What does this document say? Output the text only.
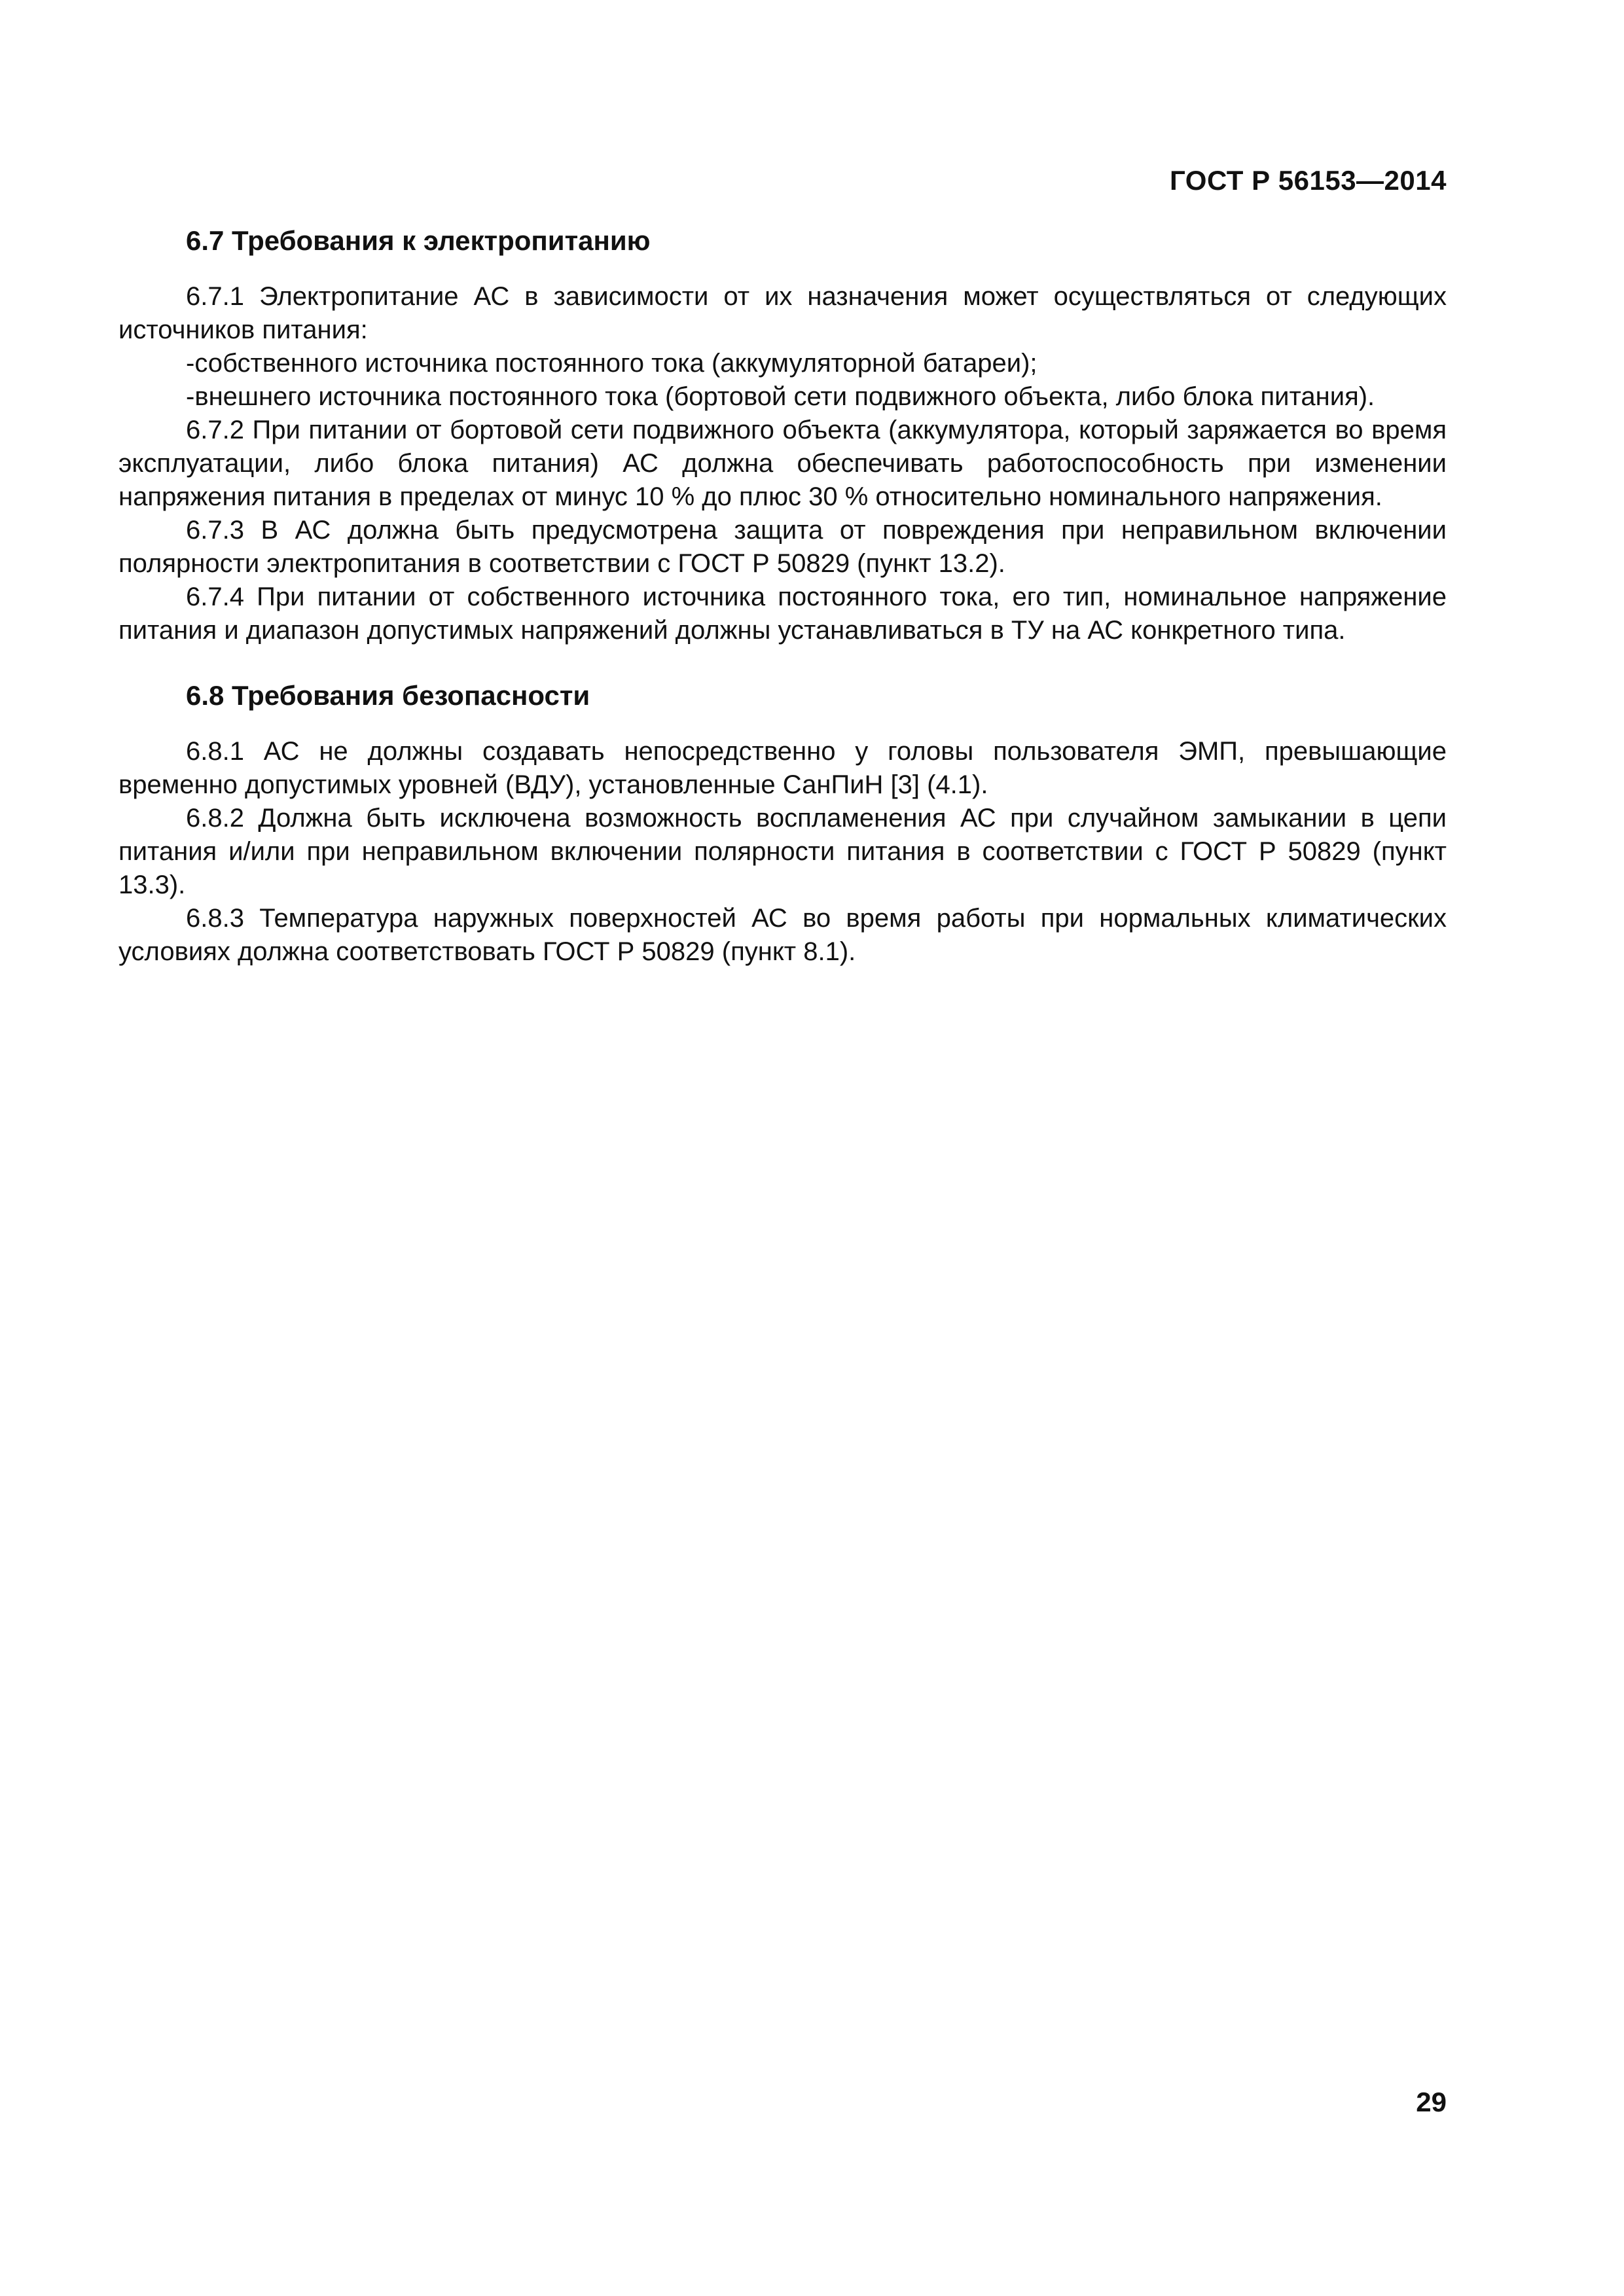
ГОСТ Р 56153—2014
6.7 Требования к электропитанию

6.7.1 Электропитание АС в зависимости от их назначения может осуществляться от следующих источников питания:

-собственного источника постоянного тока (аккумуляторной батареи);

-внешнего источника постоянного тока (бортовой сети подвижного объекта, либо блока питания).

6.7.2 При питании от бортовой сети подвижного объекта (аккумулятора, который заряжается во время эксплуатации, либо блока питания) АС должна обеспечивать работоспособность при изменении напряжения питания в пределах от минус 10 % до плюс 30 % относительно номинального напряжения.

6.7.3 В АС должна быть предусмотрена защита от повреждения при неправильном включении полярности электропитания в соответствии с ГОСТ Р 50829 (пункт 13.2).

6.7.4 При питании от собственного источника постоянного тока, его тип, номинальное напряжение питания и диапазон допустимых напряжений должны устанавливаться в ТУ на АС конкретного типа.

6.8 Требования безопасности

6.8.1 АС не должны создавать непосредственно у головы пользователя ЭМП, превышающие временно допустимых уровней (ВДУ), установленные СанПиН [3] (4.1).

6.8.2 Должна быть исключена возможность воспламенения АС при случайном замыкании в цепи питания и/или при неправильном включении полярности питания в соответствии с ГОСТ Р 50829 (пункт 13.3).

6.8.3 Температура наружных поверхностей АС во время работы при нормальных климатических условиях должна соответствовать ГОСТ Р 50829 (пункт 8.1).

29
